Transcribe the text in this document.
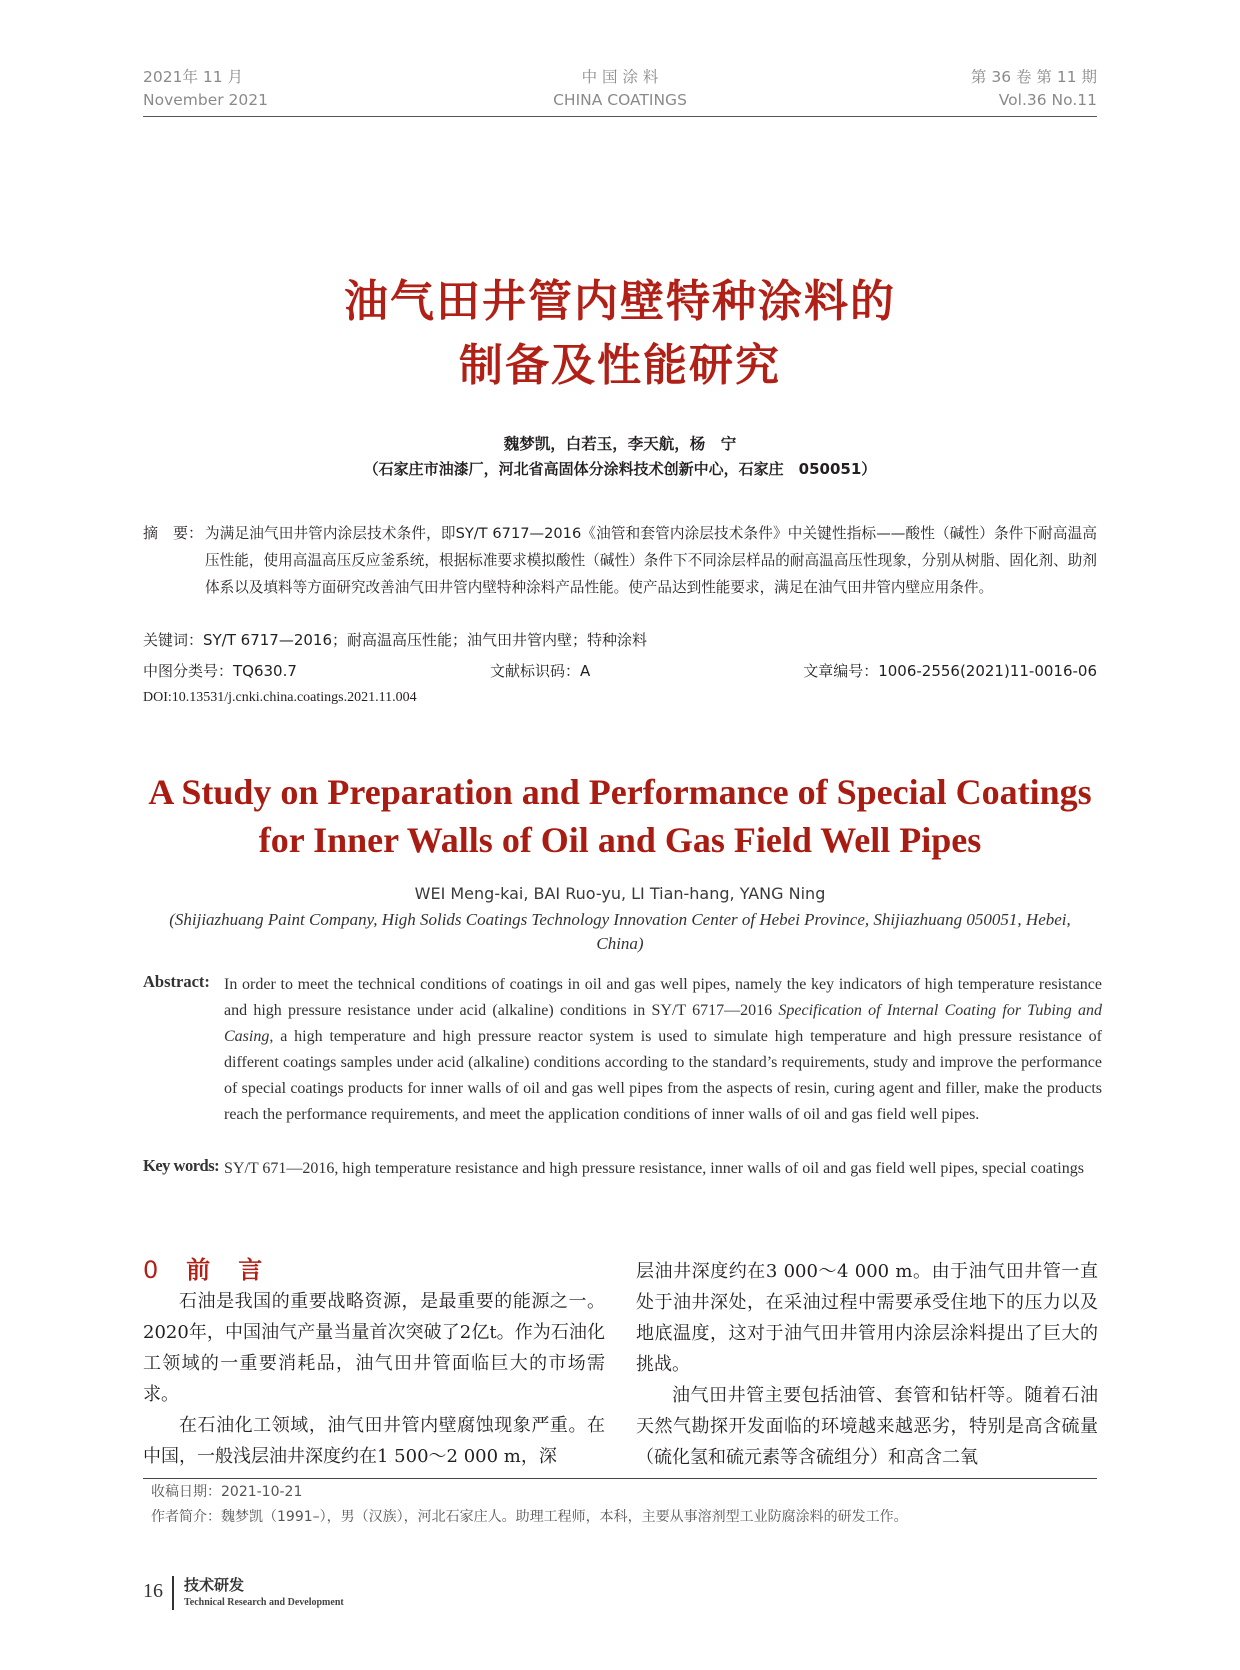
2021年 11 月
November 2021
中 国 涂 料
CHINA COATINGS
第 36 卷 第 11 期
Vol.36 No.11
油气田井管内壁特种涂料的
制备及性能研究
魏梦凯，白若玉，李天航，杨　宁
（石家庄市油漆厂，河北省高固体分涂料技术创新中心，石家庄　050051）
摘　要： 为满足油气田井管内涂层技术条件，即SY/T 6717—2016《油管和套管内涂层技术条件》中关键性指标——酸性（碱性）条件下耐高温高压性能，使用高温高压反应釜系统，根据标准要求模拟酸性（碱性）条件下不同涂层样品的耐高温高压性现象，分别从树脂、固化剂、助剂体系以及填料等方面研究改善油气田井管内壁特种涂料产品性能。使产品达到性能要求，满足在油气田井管内壁应用条件。
关键词：SY/T 6717—2016；耐高温高压性能；油气田井管内壁；特种涂料
中图分类号：TQ630.7	文献标识码：A	文章编号：1006-2556(2021)11-0016-06
DOI:10.13531/j.cnki.china.coatings.2021.11.004
A Study on Preparation and Performance of Special Coatings
for Inner Walls of Oil and Gas Field Well Pipes
WEI Meng-kai, BAI Ruo-yu, LI Tian-hang, YANG Ning
(Shijiazhuang Paint Company, High Solids Coatings Technology Innovation Center of Hebei Province, Shijiazhuang 050051, Hebei, China)
Abstract: In order to meet the technical conditions of coatings in oil and gas well pipes, namely the key indicators of high temperature resistance and high pressure resistance under acid (alkaline) conditions in SY/T 6717—2016 Specification of Internal Coating for Tubing and Casing, a high temperature and high pressure reactor system is used to simulate high temperature and high pressure resistance of different coatings samples under acid (alkaline) conditions according to the standard’s requirements, study and improve the performance of special coatings products for inner walls of oil and gas well pipes from the aspects of resin, curing agent and filler, make the products reach the performance requirements, and meet the application conditions of inner walls of oil and gas field well pipes.
Key words: SY/T 671—2016, high temperature resistance and high pressure resistance, inner walls of oil and gas field well pipes, special coatings
0 前　言

石油是我国的重要战略资源，是最重要的能源之一。2020年，中国油气产量当量首次突破了2亿t。作为石油化工领域的一重要消耗品，油气田井管面临巨大的市场需求。

在石油化工领域，油气田井管内壁腐蚀现象严重。在中国，一般浅层油井深度约在1 500～2 000 m，深

层油井深度约在3 000～4 000 m。由于油气田井管一直处于油井深处，在采油过程中需要承受住地下的压力以及地底温度，这对于油气田井管用内涂层涂料提出了巨大的挑战。

油气田井管主要包括油管、套管和钻杆等。随着石油天然气勘探开发面临的环境越来越恶劣，特别是高含硫量（硫化氢和硫元素等含硫组分）和高含二氧

收稿日期：2021-10-21
作者简介：魏梦凯（1991–），男（汉族），河北石家庄人。助理工程师，本科，主要从事溶剂型工业防腐涂料的研发工作。
16 技术研发
Technical Research and Development
